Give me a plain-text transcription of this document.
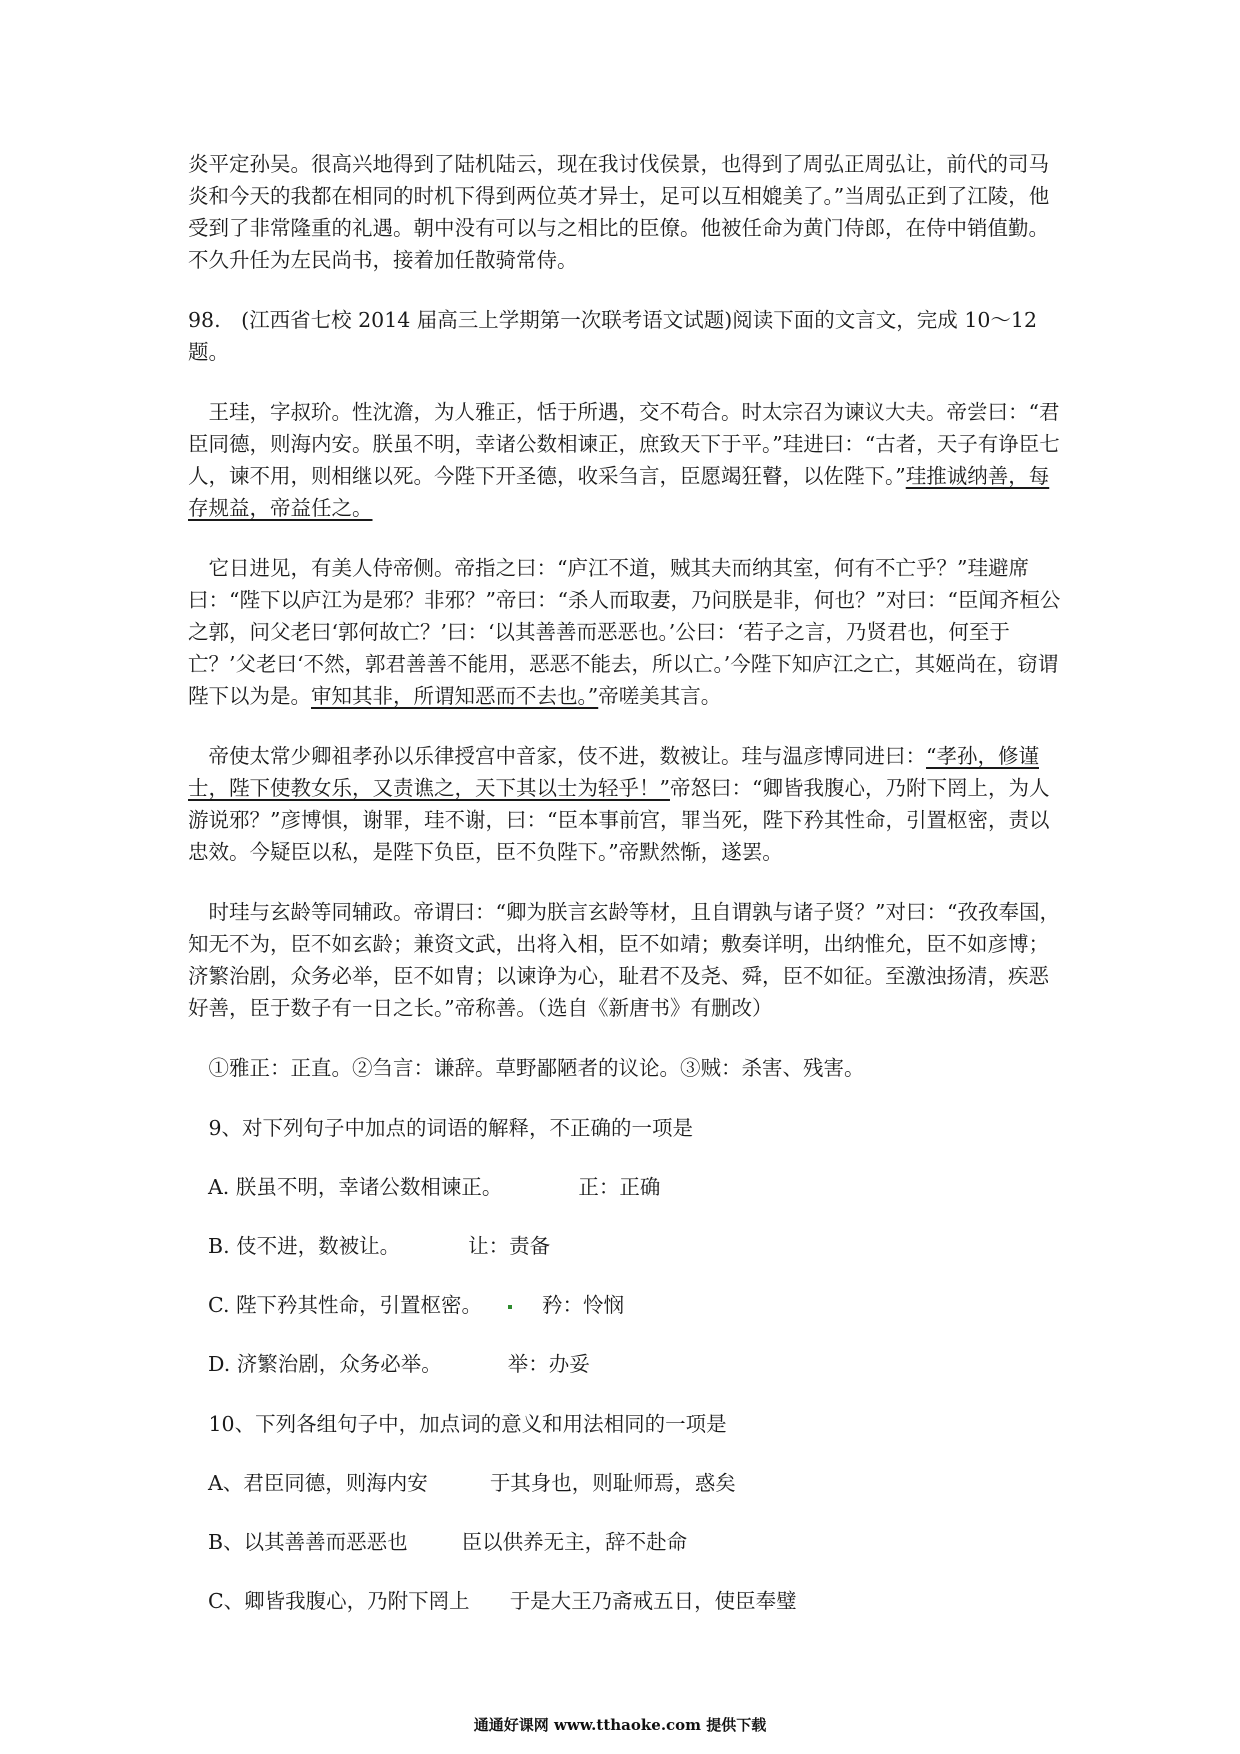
炎平定孙吴。很高兴地得到了陆机陆云，现在我讨伐侯景，也得到了周弘正周弘让，前代的司马炎和今天的我都在相同的时机下得到两位英才异士，足可以互相媲美了。”当周弘正到了江陵，他受到了非常隆重的礼遇。朝中没有可以与之相比的臣僚。他被任命为黄门侍郎，在侍中销值勤。不久升任为左民尚书，接着加任散骑常侍。

98.　(江西省七校 2014 届高三上学期第一次联考语文试题)阅读下面的文言文，完成 10～12 题。

王珪，字叔玠。性沈澹，为人雅正，恬于所遇，交不苟合。时太宗召为谏议大夫。帝尝曰：“君臣同德，则海内安。朕虽不明，幸诸公数相谏正，庶致天下于平。”珪进曰：“古者，天子有诤臣七人，谏不用，则相继以死。今陛下开圣德，收采刍言，臣愿竭狂瞽，以佐陛下。”珪推诚纳善，每存规益，帝益任之。

它日进见，有美人侍帝侧。帝指之曰：“庐江不道，贼其夫而纳其室，何有不亡乎？”珪避席曰：“陛下以庐江为是邪？非邪？”帝曰：“杀人而取妻，乃问朕是非，何也？”对曰：“臣闻齐桓公之郭，问父老曰‘郭何故亡？’曰：‘以其善善而恶恶也。’公曰：‘若子之言，乃贤君也，何至于亡？’父老曰‘不然，郭君善善不能用，恶恶不能去，所以亡。’今陛下知庐江之亡，其姬尚在，窃谓陛下以为是。审知其非，所谓知恶而不去也。”帝嗟美其言。

帝使太常少卿祖孝孙以乐律授宫中音家，伎不进，数被让。珪与温彦博同进曰：“孝孙，修谨士，陛下使教女乐，又责谯之，天下其以士为轻乎！”帝怒曰：“卿皆我腹心，乃附下罔上，为人游说邪？”彦博惧，谢罪，珪不谢，曰：“臣本事前宫，罪当死，陛下矜其性命，引置枢密，责以忠效。今疑臣以私，是陛下负臣，臣不负陛下。”帝默然惭，遂罢。

时珪与玄龄等同辅政。帝谓曰：“卿为朕言玄龄等材，且自谓孰与诸子贤？”对曰：“孜孜奉国，知无不为，臣不如玄龄；兼资文武，出将入相，臣不如靖；敷奏详明，出纳惟允，臣不如彦博；济繁治剧，众务必举，臣不如胄；以谏诤为心，耻君不及尧、舜，臣不如征。至激浊扬清，疾恶好善，臣于数子有一日之长。”帝称善。（选自《新唐书》有删改）

①雅正：正直。②刍言：谦辞。草野鄙陋者的议论。③贼：杀害、残害。

9、对下列句子中加点的词语的解释，不正确的一项是

A. 朕虽不明，幸诸公数相谏正。	正：正确

B. 伎不进，数被让。	让：责备

C. 陛下矜其性命，引置枢密。	矜：怜悯

D. 济繁治剧，众务必举。	举：办妥

10、下列各组句子中，加点词的意义和用法相同的一项是

A、君臣同德，则海内安	于其身也，则耻师焉，惑矣

B、以其善善而恶恶也	臣以供养无主，辞不赴命

C、卿皆我腹心，乃附下罔上 于是大王乃斋戒五日，使臣奉璧

通通好课网 www.tthaoke.com 提供下载
